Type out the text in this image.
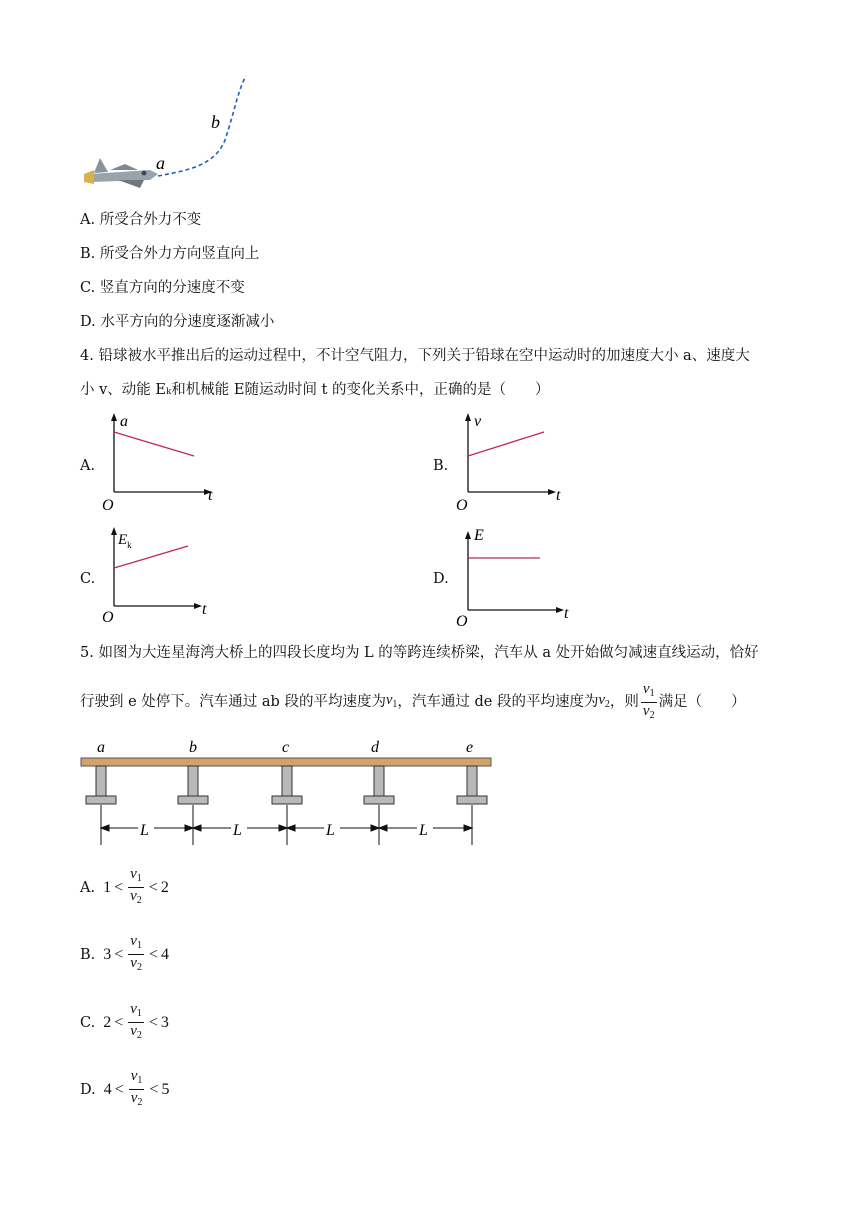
a
b
A. 所受合外力不变
B. 所受合外力方向竖直向上
C. 竖直方向的分速度不变
D. 水平方向的分速度逐渐减小
4. 铅球被水平推出后的运动过程中，不计空气阻力，下列关于铅球在空中运动时的加速度大小 a、速度大
小 v、动能 Eₖ和机械能 E随运动时间 t 的变化关系中，正确的是（　　）
A.
a
t
O
B.
v
t
O
C.
$E_k$
t
O
D.
E
t
O
5. 如图为大连星海湾大桥上的四段长度均为 L 的等跨连续桥梁，汽车从 a 处开始做匀减速直线运动，恰好
行驶到 e 处停下。汽车通过 ab 段的平均速度为 $v_1$ ，汽车通过 de 段的平均速度为 $v_2$ ，则 $\frac{v_1}{v_2}$ 满足（　　）
a	b	c	d	e
L	L	L	L
A. $1 < \frac{v_1}{v_2} < 2$
B. $3 < \frac{v_1}{v_2} < 4$
C. $2 < \frac{v_1}{v_2} < 3$
D. $4 < \frac{v_1}{v_2} < 5$
